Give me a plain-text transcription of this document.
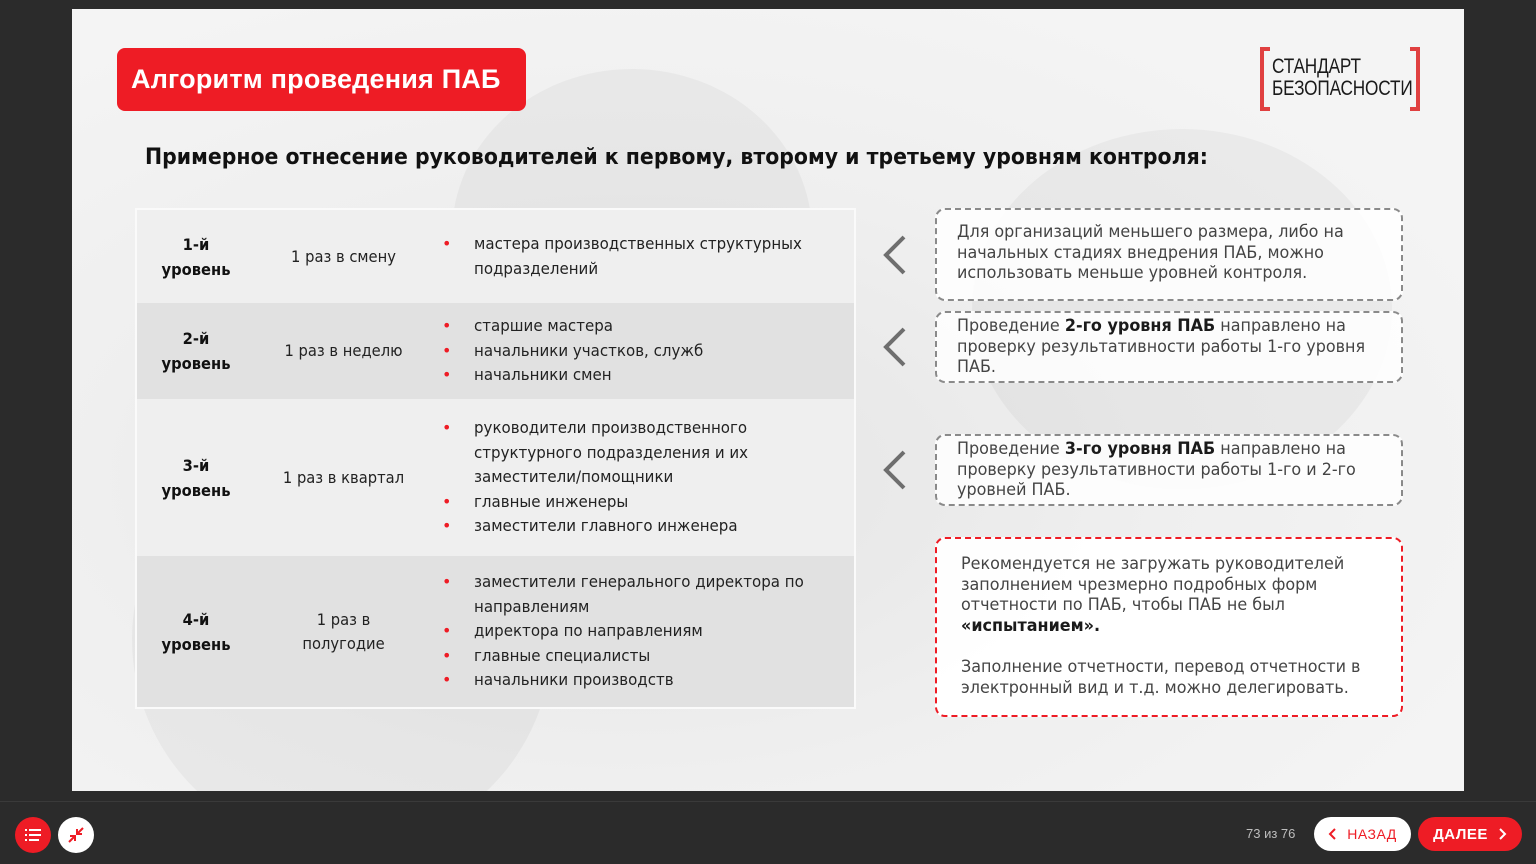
Алгоритм проведения ПАБ	СТАНДАРТ
БЕЗОПАСНОСТИ
Примерное отнесение руководителей к первому, второму и третьему уровням контроля:
1-й
уровень
1 раз в смену
• мастера производственных структурных
подразделений
2-й
уровень
1 раз в неделю
• старшие мастера
• начальники участков, служб
• начальники смен
3-й
уровень
1 раз в квартал
• руководители производственного
структурного подразделения и их
заместители/помощники
• главные инженеры
• заместители главного инженера
4-й
уровень
1 раз в
полугодие
• заместители генерального директора по
направлениям
• директора по направлениям
• главные специалисты
• начальники производств
Для организаций меньшего размера, либо на начальных стадиях внедрения ПАБ, можно использовать меньше уровней контроля.
Проведение 2-го уровня ПАБ направлено на проверку результативности работы 1-го уровня ПАБ.
Проведение 3-го уровня ПАБ направлено на проверку результативности работы 1-го и 2-го уровней ПАБ.

Рекомендуется не загружать руководителей заполнением чрезмерно подробных форм отчетности по ПАБ, чтобы ПАБ не был
«испытанием».

Заполнение отчетности, перевод отчетности в электронный вид и т.д. можно делегировать.

73 из 76	НАЗАД ДАЛЕЕ
